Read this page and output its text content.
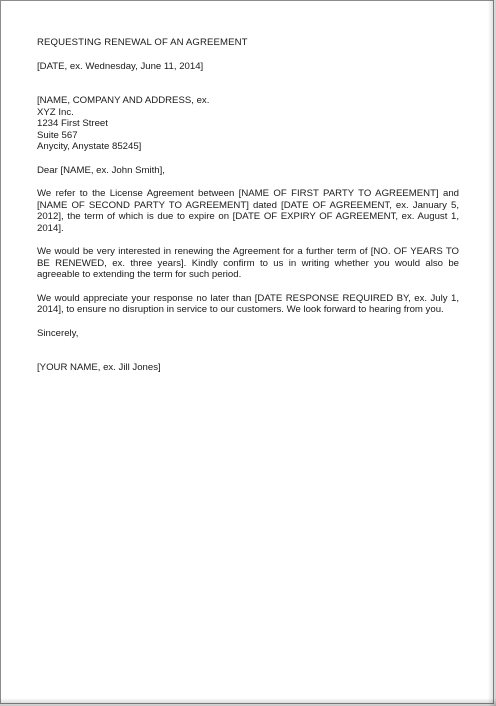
REQUESTING RENEWAL OF AN AGREEMENT
[DATE, ex. Wednesday, June 11, 2014]
[NAME, COMPANY AND ADDRESS, ex.
XYZ Inc.
1234 First Street
Suite 567
Anycity, Anystate 85245]
Dear [NAME, ex. John Smith],
We refer to the License Agreement between [NAME OF FIRST PARTY TO AGREEMENT] and [NAME OF SECOND PARTY TO AGREEMENT] dated [DATE OF AGREEMENT, ex. January 5, 2012], the term of which is due to expire on [DATE OF EXPIRY OF AGREEMENT, ex. August 1, 2014].
We would be very interested in renewing the Agreement for a further term of [NO. OF YEARS TO BE RENEWED, ex. three years]. Kindly confirm to us in writing whether you would also be agreeable to extending the term for such period.
We would appreciate your response no later than [DATE RESPONSE REQUIRED BY, ex. July 1, 2014], to ensure no disruption in service to our customers. We look forward to hearing from you.
Sincerely,
[YOUR NAME, ex. Jill Jones]
